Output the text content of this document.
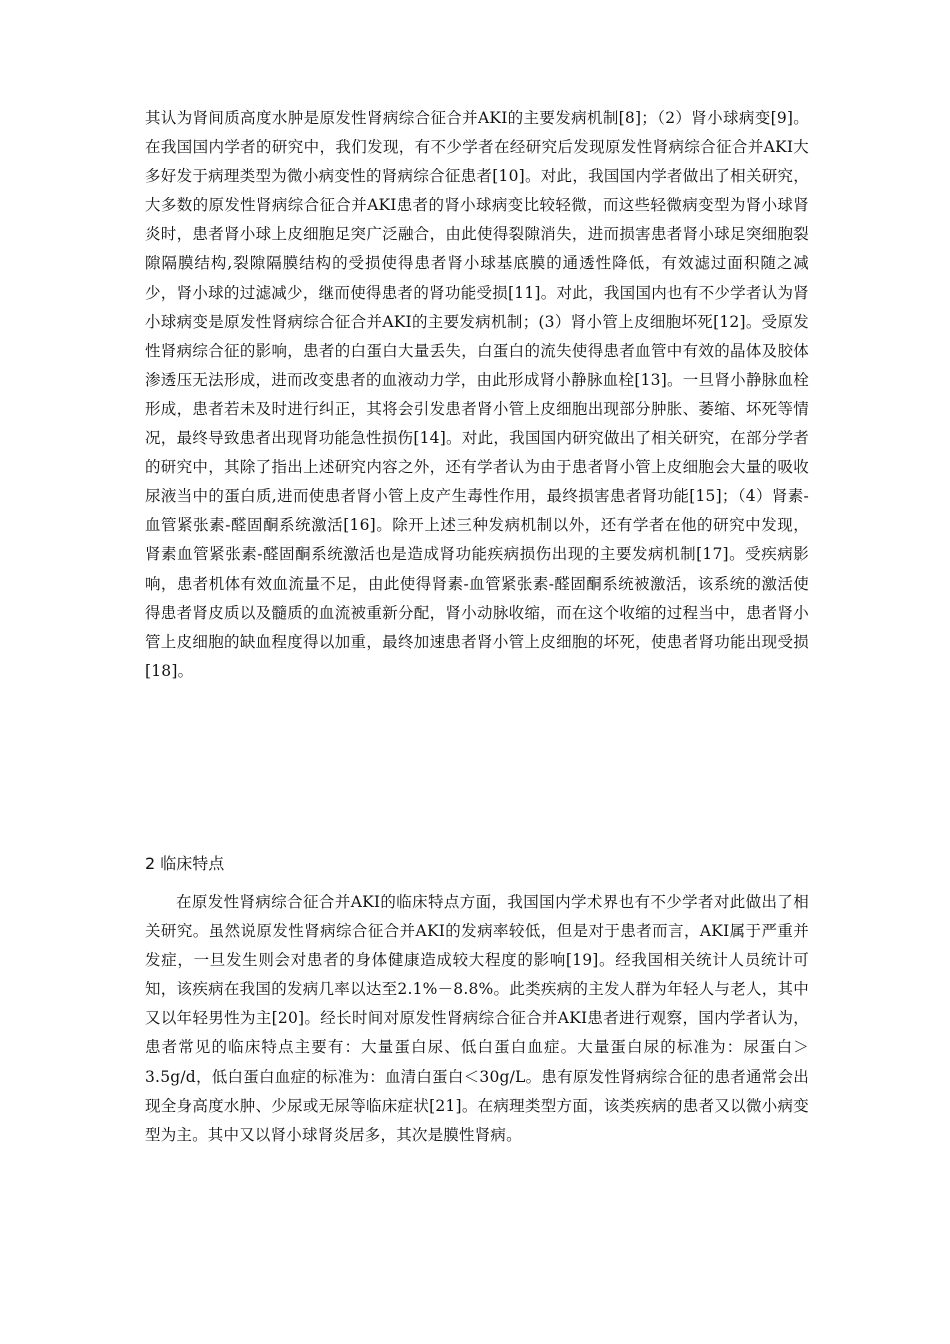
其认为肾间质高度水肿是原发性肾病综合征合并AKI的主要发病机制[8]；（2）肾小球病变[9]。在我国国内学者的研究中，我们发现，有不少学者在经研究后发现原发性肾病综合征合并AKI大多好发于病理类型为微小病变性的肾病综合征患者[10]。对此，我国国内学者做出了相关研究，大多数的原发性肾病综合征合并AKI患者的肾小球病变比较轻微，而这些轻微病变型为肾小球肾炎时，患者肾小球上皮细胞足突广泛融合，由此使得裂隙消失，进而损害患者肾小球足突细胞裂隙隔膜结构,裂隙隔膜结构的受损使得患者肾小球基底膜的通透性降低，有效滤过面积随之减少，肾小球的过滤减少，继而使得患者的肾功能受损[11]。对此，我国国内也有不少学者认为肾小球病变是原发性肾病综合征合并AKI的主要发病机制；(3）肾小管上皮细胞坏死[12]。受原发性肾病综合征的影响，患者的白蛋白大量丢失，白蛋白的流失使得患者血管中有效的晶体及胶体渗透压无法形成，进而改变患者的血液动力学，由此形成肾小静脉血栓[13]。一旦肾小静脉血栓形成，患者若未及时进行纠正，其将会引发患者肾小管上皮细胞出现部分肿胀、萎缩、坏死等情况，最终导致患者出现肾功能急性损伤[14]。对此，我国国内研究做出了相关研究，在部分学者的研究中，其除了指出上述研究内容之外，还有学者认为由于患者肾小管上皮细胞会大量的吸收尿液当中的蛋白质,进而使患者肾小管上皮产生毒性作用，最终损害患者肾功能[15]；（4）肾素-血管紧张素-醛固酮系统激活[16]。除开上述三种发病机制以外，还有学者在他的研究中发现，肾素血管紧张素-醛固酮系统激活也是造成肾功能疾病损伤出现的主要发病机制[17]。受疾病影响，患者机体有效血流量不足，由此使得肾素-血管紧张素-醛固酮系统被激活，该系统的激活使得患者肾皮质以及髓质的血流被重新分配，肾小动脉收缩，而在这个收缩的过程当中，患者肾小管上皮细胞的缺血程度得以加重，最终加速患者肾小管上皮细胞的坏死，使患者肾功能出现受损[18]。

2 临床特点

在原发性肾病综合征合并AKI的临床特点方面，我国国内学术界也有不少学者对此做出了相关研究。虽然说原发性肾病综合征合并AKI的发病率较低，但是对于患者而言，AKI属于严重并发症，一旦发生则会对患者的身体健康造成较大程度的影响[19]。经我国相关统计人员统计可知，该疾病在我国的发病几率以达至2.1%－8.8%。此类疾病的主发人群为年轻人与老人，其中又以年轻男性为主[20]。经长时间对原发性肾病综合征合并AKI患者进行观察，国内学者认为，患者常见的临床特点主要有：大量蛋白尿、低白蛋白血症。大量蛋白尿的标准为：尿蛋白＞3.5g/d，低白蛋白血症的标准为：血清白蛋白＜30g/L。患有原发性肾病综合征的患者通常会出现全身高度水肿、少尿或无尿等临床症状[21]。在病理类型方面，该类疾病的患者又以微小病变型为主。其中又以肾小球肾炎居多，其次是膜性肾病。
